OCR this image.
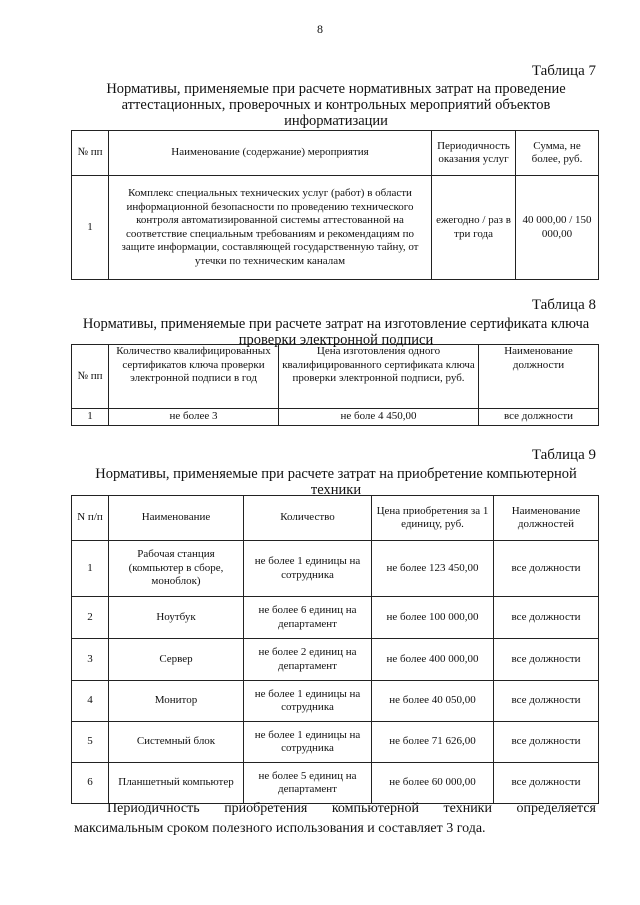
8
Таблица 7
Нормативы, применяемые при расчете нормативных затрат на проведение аттестационных, проверочных и контрольных мероприятий объектов информатизации
№ пп	Наименование (содержание) мероприятия	Периодичность оказания услуг	Сумма, не более, руб.
1	Комплекс специальных технических услуг (работ) в области информационной безопасности по проведению технического контроля автоматизированной системы аттестованной на соответствие специальным требованиям и рекомендациям по защите информации, составляющей государственную тайну, от утечки по техническим каналам	ежегодно / раз в три года	40 000,00 / 150 000,00
Таблица 8
Нормативы, применяемые при расчете затрат на изготовление сертификата ключа проверки электронной подписи
№ пп	Количество квалифицированных сертификатов ключа проверки электронной подписи в год	Цена изготовления одного квалифицированного сертификата ключа проверки электронной подписи, руб.	Наименование должности
1	не более 3	не боле 4 450,00	все должности
Таблица 9
Нормативы, применяемые при расчете затрат на приобретение компьютерной техники
N п/п	Наименование	Количество	Цена приобретения за 1 единицу, руб.	Наименование должностей
1	Рабочая станция (компьютер в сборе, моноблок)	не более 1 единицы на сотрудника	не более 123 450,00	все должности
2	Ноутбук	не более 6 единиц на департамент	не более 100 000,00	все должности
3	Сервер	не более 2 единиц на департамент	не более 400 000,00	все должности
4	Монитор	не более 1 единицы на сотрудника	не более 40 050,00	все должности
5	Системный блок	не более 1 единицы на сотрудника	не более 71 626,00	все должности
6	Планшетный компьютер	не более 5 единиц на департамент	не более 60 000,00	все должности
Периодичность приобретения компьютерной техники определяется максимальным сроком полезного использования и составляет 3 года.
